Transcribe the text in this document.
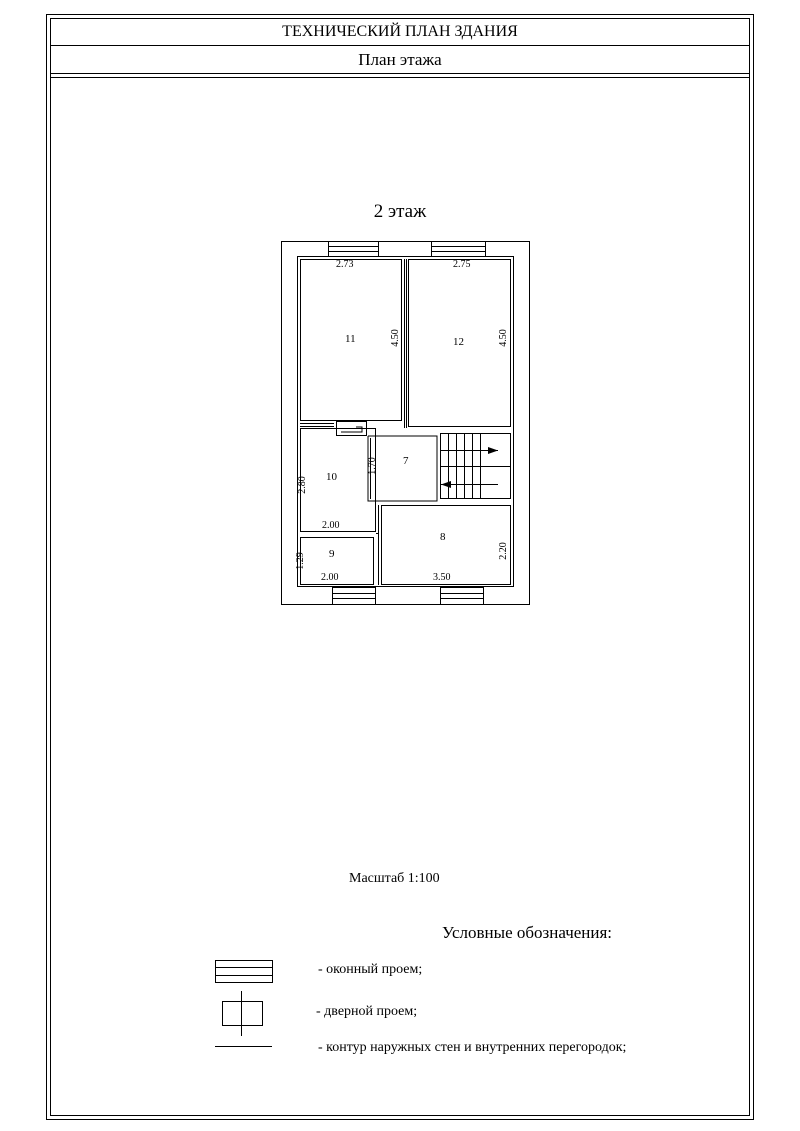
ТЕХНИЧЕСКИЙ ПЛАН ЗДАНИЯ
План этажа
2 этаж
11	12
7
10
9
8
2.73	2.75
4.50	4.50
1.70
2.80
2.00
2.00
1.29
3.50
2.20
Масштаб 1:100
Условные обозначения:
- оконный проем;
- дверной проем;
- контур наружных стен и внутренних перегородок;
